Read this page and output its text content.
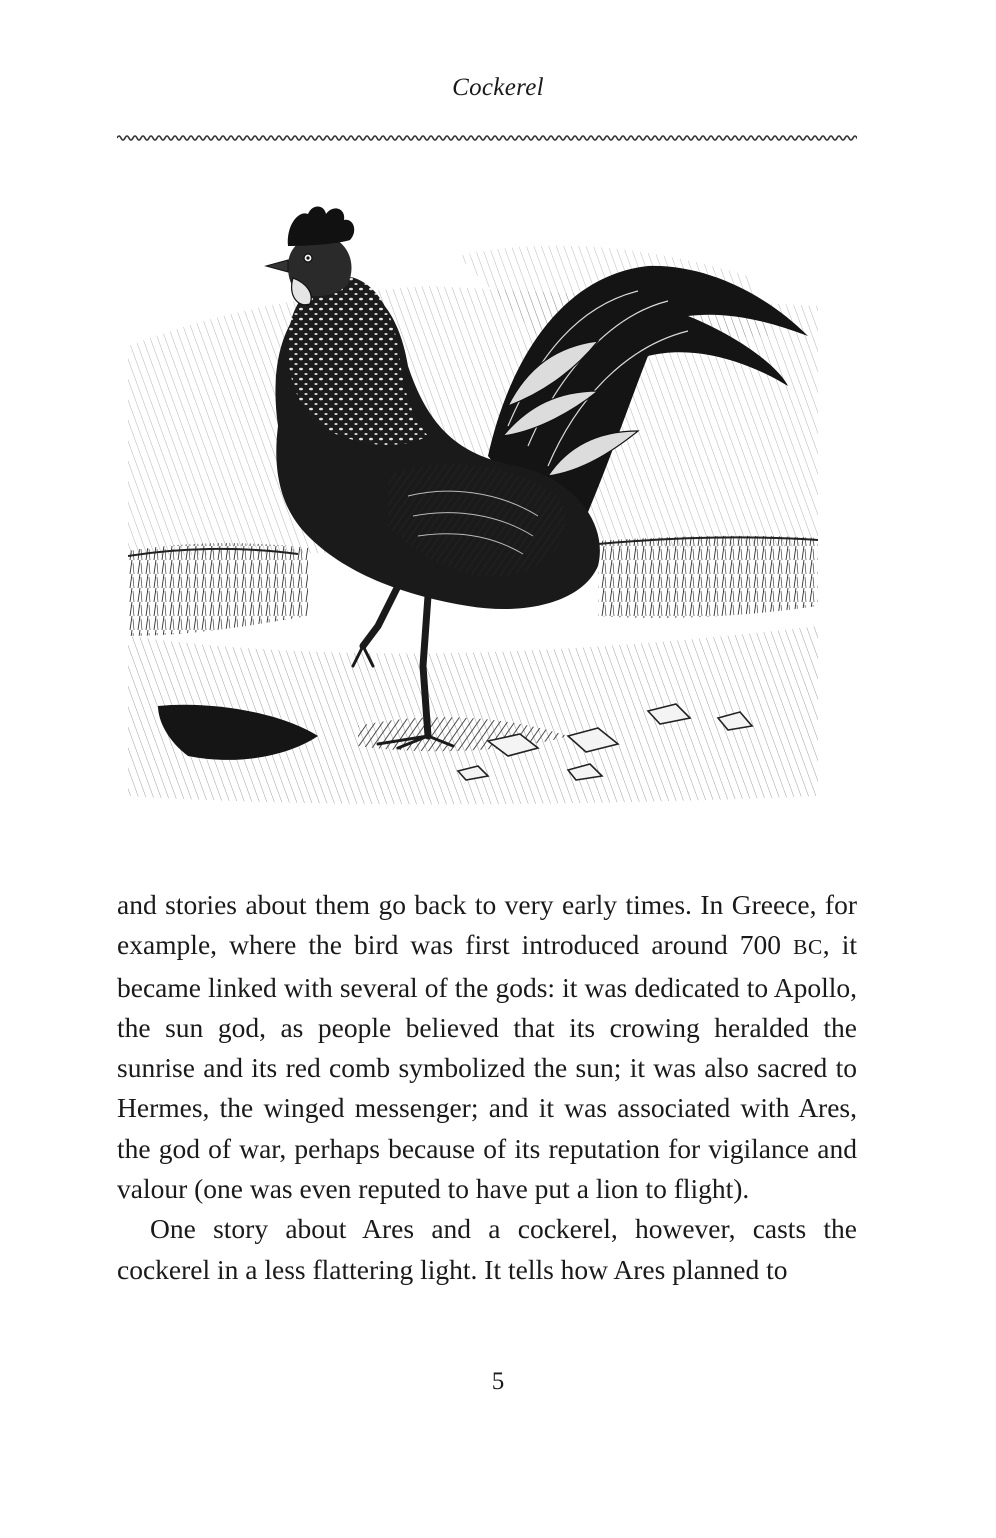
Cockerel

and stories about them go back to very early times. In Greece, for example, where the bird was first introduced around 700 BC, it became linked with several of the gods: it was dedicated to Apollo, the sun god, as people believed that its crowing heralded the sunrise and its red comb symbolized the sun; it was also sacred to Hermes, the winged messenger; and it was associated with Ares, the god of war, perhaps because of its reputation for vigilance and valour (one was even reputed to have put a lion to flight).

One story about Ares and a cockerel, however, casts the cockerel in a less flattering light. It tells how Ares planned to

5
